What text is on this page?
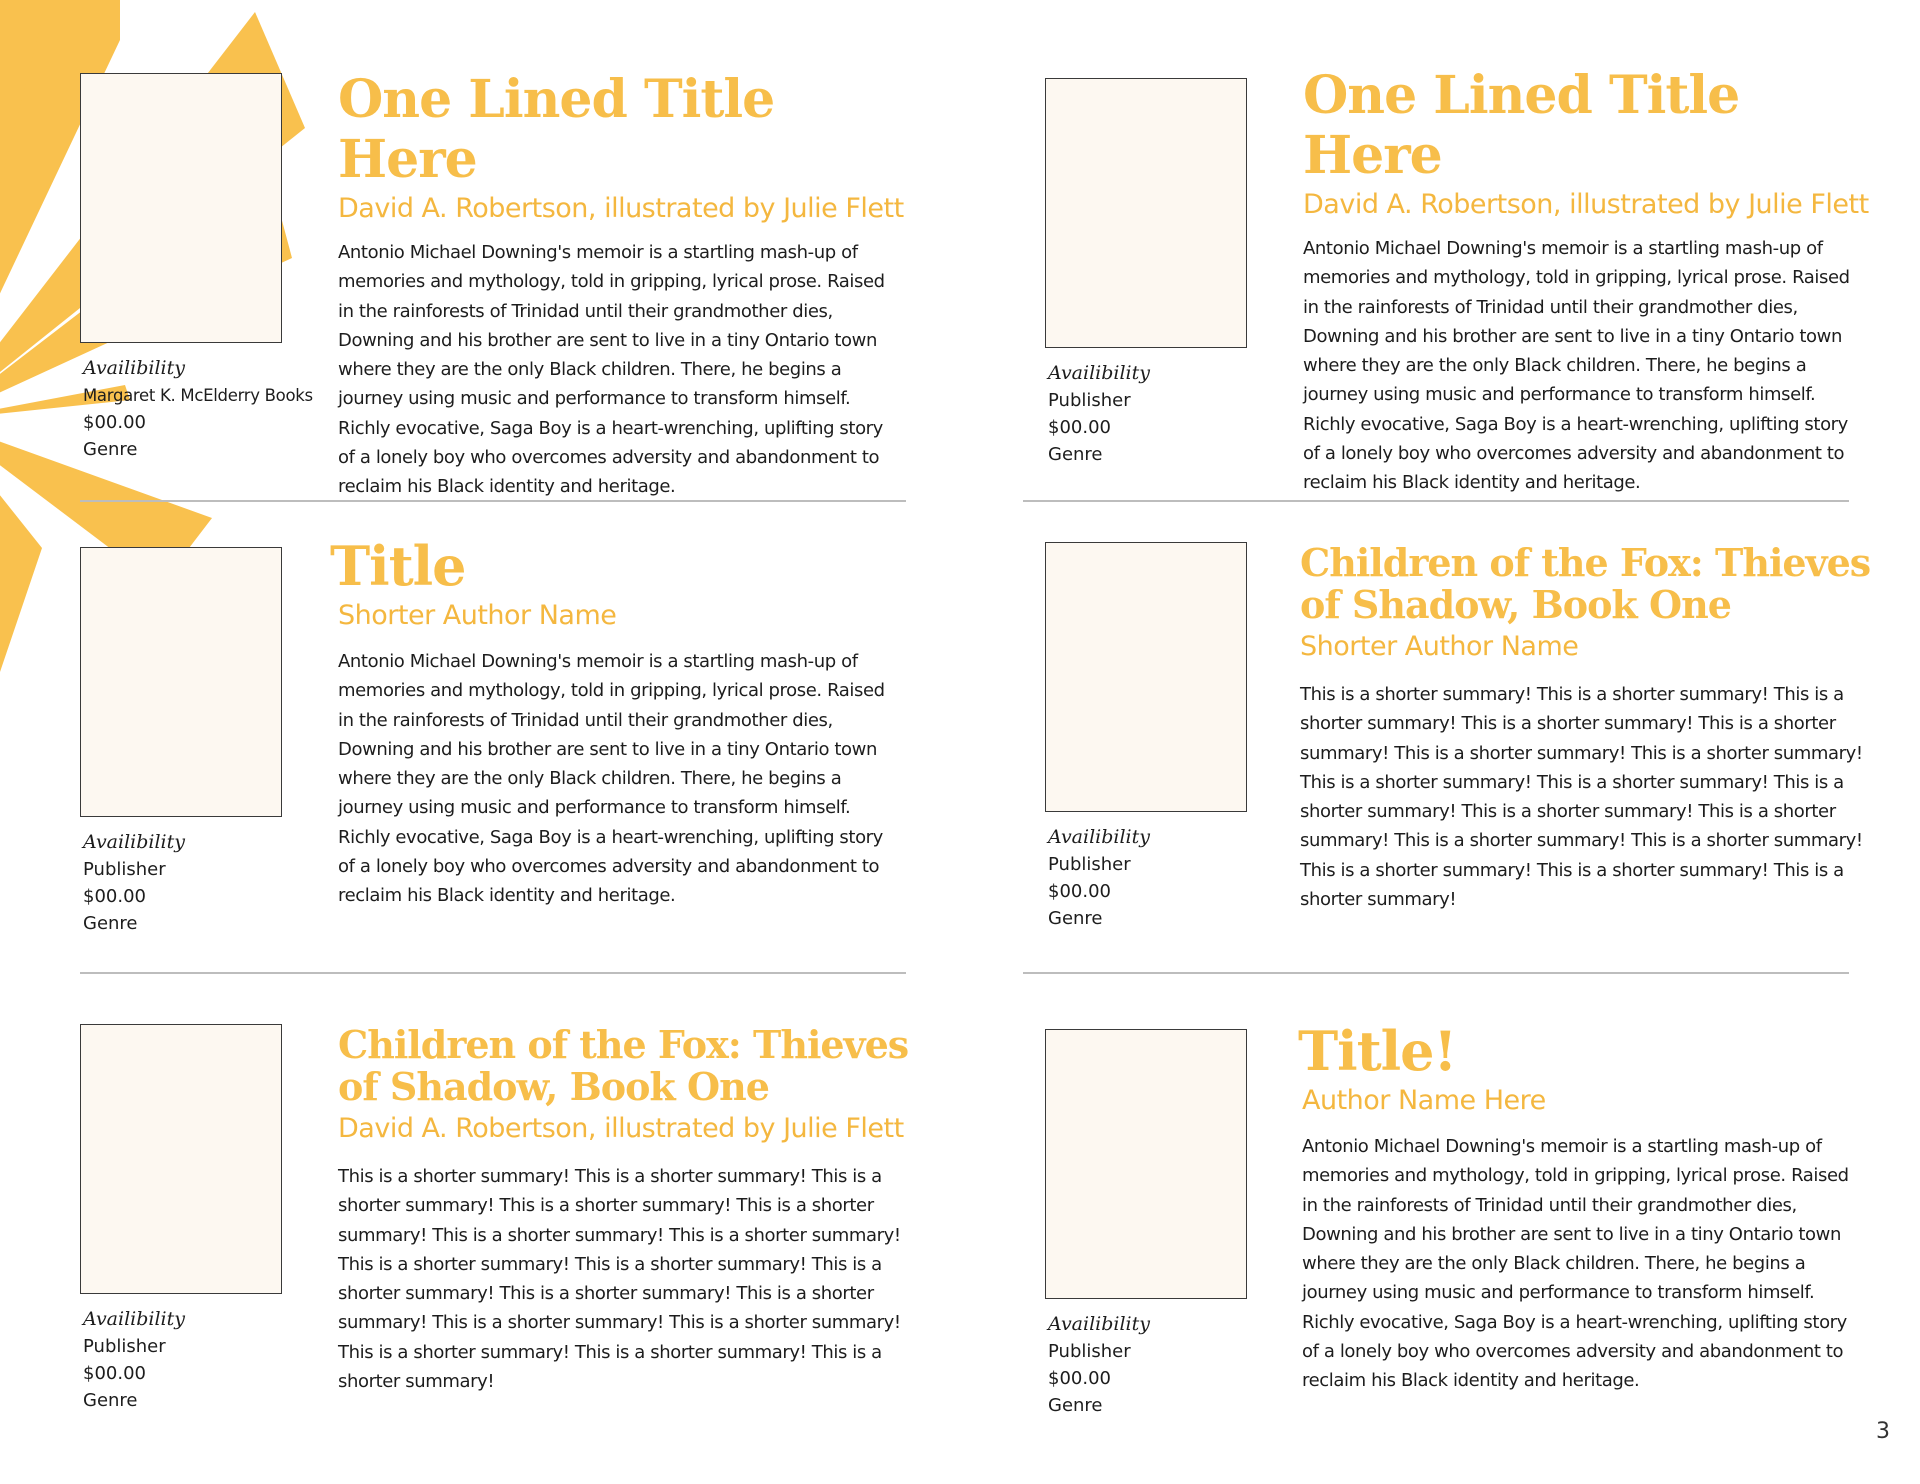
Availibility
Margaret K. McElderry Books
$00.00
Genre
One Lined Title Here

David A. Robertson, illustrated by Julie Flett

Antonio Michael Downing's memoir is a startling mash-up of memories and mythology, told in gripping, lyrical prose. Raised in the rainforests of Trinidad until their grandmother dies, Downing and his brother are sent to live in a tiny Ontario town where they are the only Black children. There, he begins a journey using music and performance to transform himself. Richly evocative, Saga Boy is a heart-wrenching, uplifting story of a lonely boy who overcomes adversity and abandonment to reclaim his Black identity and heritage.

Availibility
Publisher
$00.00
Genre
One Lined Title Here

David A. Robertson, illustrated by Julie Flett

Antonio Michael Downing's memoir is a startling mash-up of memories and mythology, told in gripping, lyrical prose. Raised in the rainforests of Trinidad until their grandmother dies, Downing and his brother are sent to live in a tiny Ontario town where they are the only Black children. There, he begins a journey using music and performance to transform himself. Richly evocative, Saga Boy is a heart-wrenching, uplifting story of a lonely boy who overcomes adversity and abandonment to reclaim his Black identity and heritage.

Availibility
Publisher
$00.00
Genre
Title

Shorter Author Name

Antonio Michael Downing's memoir is a startling mash-up of memories and mythology, told in gripping, lyrical prose. Raised in the rainforests of Trinidad until their grandmother dies, Downing and his brother are sent to live in a tiny Ontario town where they are the only Black children. There, he begins a journey using music and performance to transform himself. Richly evocative, Saga Boy is a heart-wrenching, uplifting story of a lonely boy who overcomes adversity and abandonment to reclaim his Black identity and heritage.

Availibility
Publisher
$00.00
Genre
Children of the Fox: Thieves of Shadow, Book One

Shorter Author Name

This is a shorter summary! This is a shorter summary! This is a shorter summary! This is a shorter summary! This is a shorter summary! This is a shorter summary! This is a shorter summary! This is a shorter summary! This is a shorter summary! This is a shorter summary! This is a shorter summary! This is a shorter summary! This is a shorter summary! This is a shorter summary! This is a shorter summary! This is a shorter summary! This is a shorter summary!

Availibility
Publisher
$00.00
Genre
Children of the Fox: Thieves of Shadow, Book One

David A. Robertson, illustrated by Julie Flett

This is a shorter summary! This is a shorter summary! This is a shorter summary! This is a shorter summary! This is a shorter summary! This is a shorter summary! This is a shorter summary! This is a shorter summary! This is a shorter summary! This is a shorter summary! This is a shorter summary! This is a shorter summary! This is a shorter summary! This is a shorter summary! This is a shorter summary! This is a shorter summary! This is a shorter summary!

Availibility
Publisher
$00.00
Genre
Title!

Author Name Here

Antonio Michael Downing's memoir is a startling mash-up of memories and mythology, told in gripping, lyrical prose. Raised in the rainforests of Trinidad until their grandmother dies, Downing and his brother are sent to live in a tiny Ontario town where they are the only Black children. There, he begins a journey using music and performance to transform himself. Richly evocative, Saga Boy is a heart-wrenching, uplifting story of a lonely boy who overcomes adversity and abandonment to reclaim his Black identity and heritage.

3
